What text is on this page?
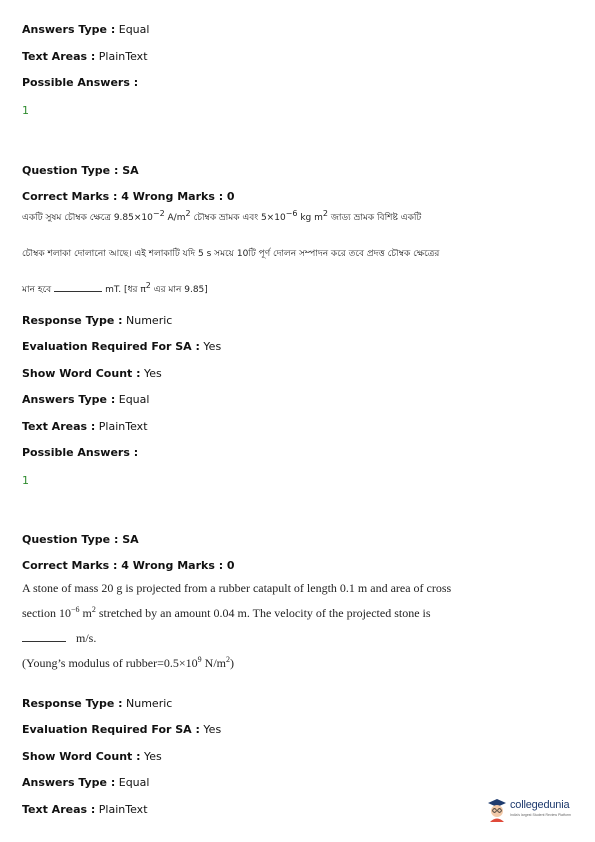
Answers Type : Equal
Text Areas : PlainText
Possible Answers :
1
Question Type : SA
Correct Marks : 4 Wrong Marks : 0
একটি সুষম চৌম্বক ক্ষেত্রে $9.85\times 10^{-2}$ $A/m^2$ চৌম্বক ভ্রামক এবং $5\times 10^{-6}$ kg $m^2$ জাড্য ভ্রামক বিশিষ্ট একটি
চৌম্বক শলাকা দোলানো আছে। এই শলাকাটি যদি 5 s সময়ে 10টি পূর্ণ দোলন সম্পাদন করে তবে প্রদত্ত চৌম্বক ক্ষেত্রের
মান হবে	mT. [ধর $\pi^2$ এর মান 9.85]
Response Type : Numeric
Evaluation Required For SA : Yes
Show Word Count : Yes
Answers Type : Equal
Text Areas : PlainText
Possible Answers :
1
Question Type : SA
Correct Marks : 4 Wrong Marks : 0
A stone of mass 20 g is projected from a rubber catapult of length 0.1 m and area of cross
section $10^{-6}$ $m^2$ stretched by an amount 0.04 m. The velocity of the projected stone is
m/s.
(Young’s modulus of $rubber=0.5\times 10^9$ $N/m^2$)
Response Type : Numeric
Evaluation Required For SA : Yes
Show Word Count : Yes
Answers Type : Equal
Text Areas : PlainText	collegedunia
India's largest Student Review Platform
